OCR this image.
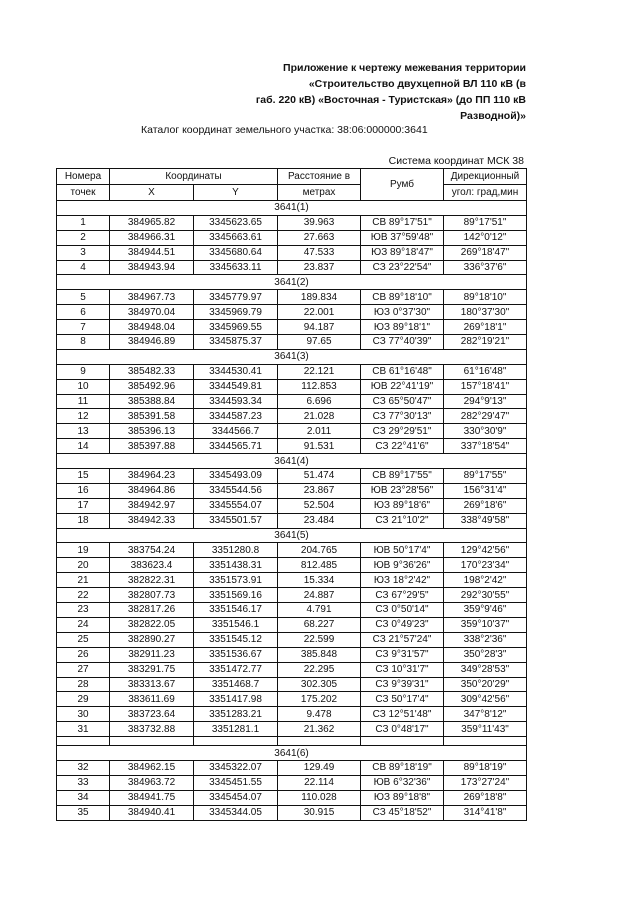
Приложение к чертежу межевания территории
«Строительство двухцепной ВЛ 110 кВ (в
габ. 220 кВ) «Восточная - Туристская» (до ПП 110 кВ
Разводной)»
Каталог координат земельного участка: 38:06:000000:3641
Система координат МСК 38
Номера	Координаты		Расстояние в	Румб	Дирекционный
точек	X	Y	метрах		угол: град,мин
3641(1)					
1	384965.82	3345623.65	39.963	СВ 89°17'51"	89°17'51"
2	384966.31	3345663.61	27.663	ЮВ 37°59'48"	142°0'12"
3	384944.51	3345680.64	47.533	ЮЗ 89°18'47"	269°18'47"
4	384943.94	3345633.11	23.837	СЗ 23°22'54"	336°37'6"
3641(2)					
5	384967.73	3345779.97	189.834	СВ 89°18'10"	89°18'10"
6	384970.04	3345969.79	22.001	ЮЗ 0°37'30"	180°37'30"
7	384948.04	3345969.55	94.187	ЮЗ 89°18'1"	269°18'1"
8	384946.89	3345875.37	97.65	СЗ 77°40'39"	282°19'21"
3641(3)					
9	385482.33	3344530.41	22.121	СВ 61°16'48"	61°16'48"
10	385492.96	3344549.81	112.853	ЮВ 22°41'19"	157°18'41"
11	385388.84	3344593.34	6.696	СЗ 65°50'47"	294°9'13"
12	385391.58	3344587.23	21.028	СЗ 77°30'13"	282°29'47"
13	385396.13	3344566.7	2.011	СЗ 29°29'51"	330°30'9"
14	385397.88	3344565.71	91.531	СЗ 22°41'6"	337°18'54"
3641(4)					
15	384964.23	3345493.09	51.474	СВ 89°17'55"	89°17'55"
16	384964.86	3345544.56	23.867	ЮВ 23°28'56"	156°31'4"
17	384942.97	3345554.07	52.504	ЮЗ 89°18'6"	269°18'6"
18	384942.33	3345501.57	23.484	СЗ 21°10'2"	338°49'58"
3641(5)					
19	383754.24	3351280.8	204.765	ЮВ 50°17'4"	129°42'56"
20	383623.4	3351438.31	812.485	ЮВ 9°36'26"	170°23'34"
21	382822.31	3351573.91	15.334	ЮЗ 18°2'42"	198°2'42"
22	382807.73	3351569.16	24.887	СЗ 67°29'5"	292°30'55"
23	382817.26	3351546.17	4.791	СЗ 0°50'14"	359°9'46"
24	382822.05	3351546.1	68.227	СЗ 0°49'23"	359°10'37"
25	382890.27	3351545.12	22.599	СЗ 21°57'24"	338°2'36"
26	382911.23	3351536.67	385.848	СЗ 9°31'57"	350°28'3"
27	383291.75	3351472.77	22.295	СЗ 10°31'7"	349°28'53"
28	383313.67	3351468.7	302.305	СЗ 9°39'31"	350°20'29"
29	383611.69	3351417.98	175.202	СЗ 50°17'4"	309°42'56"
30	383723.64	3351283.21	9.478	СЗ 12°51'48"	347°8'12"
31	383732.88	3351281.1	21.362	СЗ 0°48'17"	359°11'43"

3641(6)					
32	384962.15	3345322.07	129.49	СВ 89°18'19"	89°18'19"
33	384963.72	3345451.55	22.114	ЮВ 6°32'36"	173°27'24"
34	384941.75	3345454.07	110.028	ЮЗ 89°18'8"	269°18'8"
35	384940.41	3345344.05	30.915	СЗ 45°18'52"	314°41'8"
